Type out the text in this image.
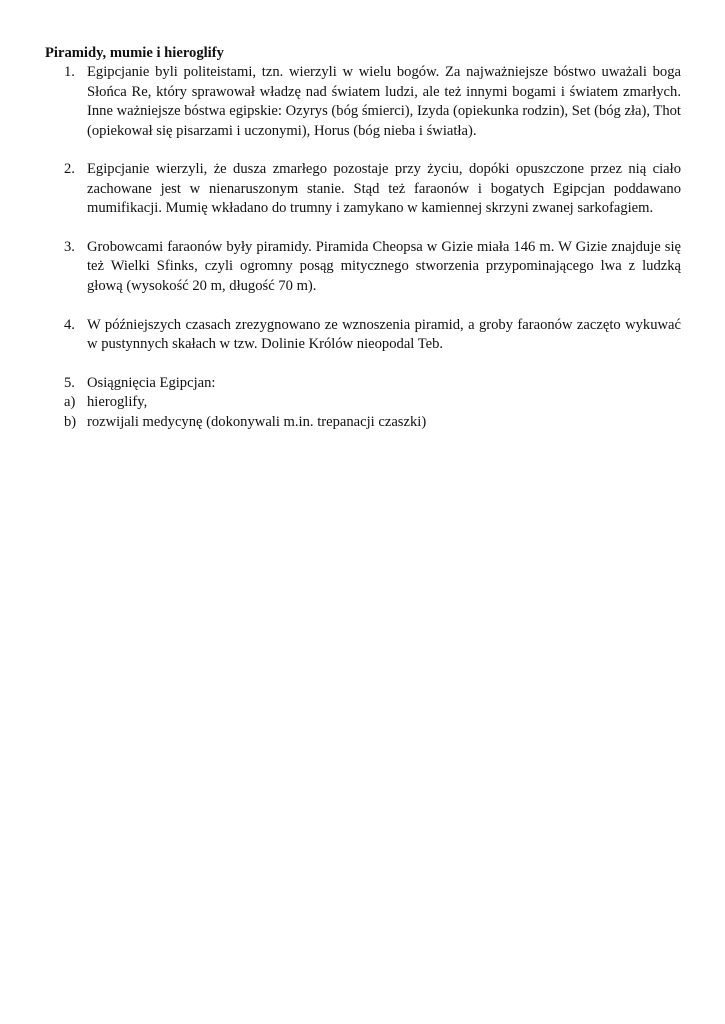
Piramidy, mumie i hieroglify

1. Egipcjanie byli politeistami, tzn. wierzyli w wielu bogów. Za najważniejsze bóstwo uważali boga Słońca Re, który sprawował władzę nad światem ludzi, ale też innymi bogami i światem zmarłych. Inne ważniejsze bóstwa egipskie: Ozyrys (bóg śmierci), Izyda (opiekunka rodzin), Set (bóg zła), Thot (opiekował się pisarzami i uczonymi), Horus (bóg nieba i światła).
2. Egipcjanie wierzyli, że dusza zmarłego pozostaje przy życiu, dopóki opuszczone przez nią ciało zachowane jest w nienaruszonym stanie. Stąd też faraonów i bogatych Egipcjan poddawano mumifikacji. Mumię wkładano do trumny i zamykano w kamiennej skrzyni zwanej sarkofagiem.
3. Grobowcami faraonów były piramidy. Piramida Cheopsa w Gizie miała 146 m. W Gizie znajduje się też Wielki Sfinks, czyli ogromny posąg mitycznego stworzenia przypominającego lwa z ludzką głową (wysokość 20 m, długość 70 m).
4. W późniejszych czasach zrezygnowano ze wznoszenia piramid, a groby faraonów zaczęto wykuwać w pustynnych skałach w tzw. Dolinie Królów nieopodal Teb.
5. Osiągnięcia Egipcjan:
a) hieroglify,
b) rozwijali medycynę (dokonywali m.in. trepanacji czaszki)
